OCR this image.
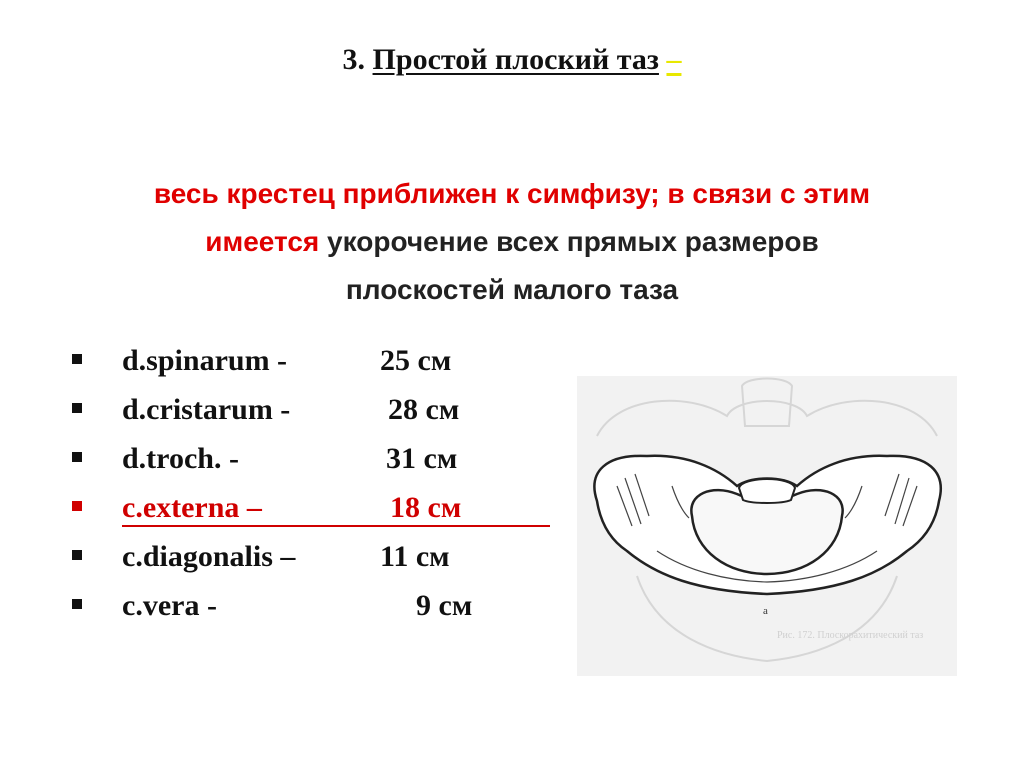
3. Простой плоский таз –
весь крестец приближен к симфизу; в связи с этим
имеется укорочение всех прямых размеров
плоскостей малого таза
d.spinarum -	25 см
d.cristarum -	28 см
d.troch. -	31 см
c.externa –	18 см
c.diagonalis –	11 см
c.vera -	9 см	а
Рис. 172. Плоскорахитический таз
